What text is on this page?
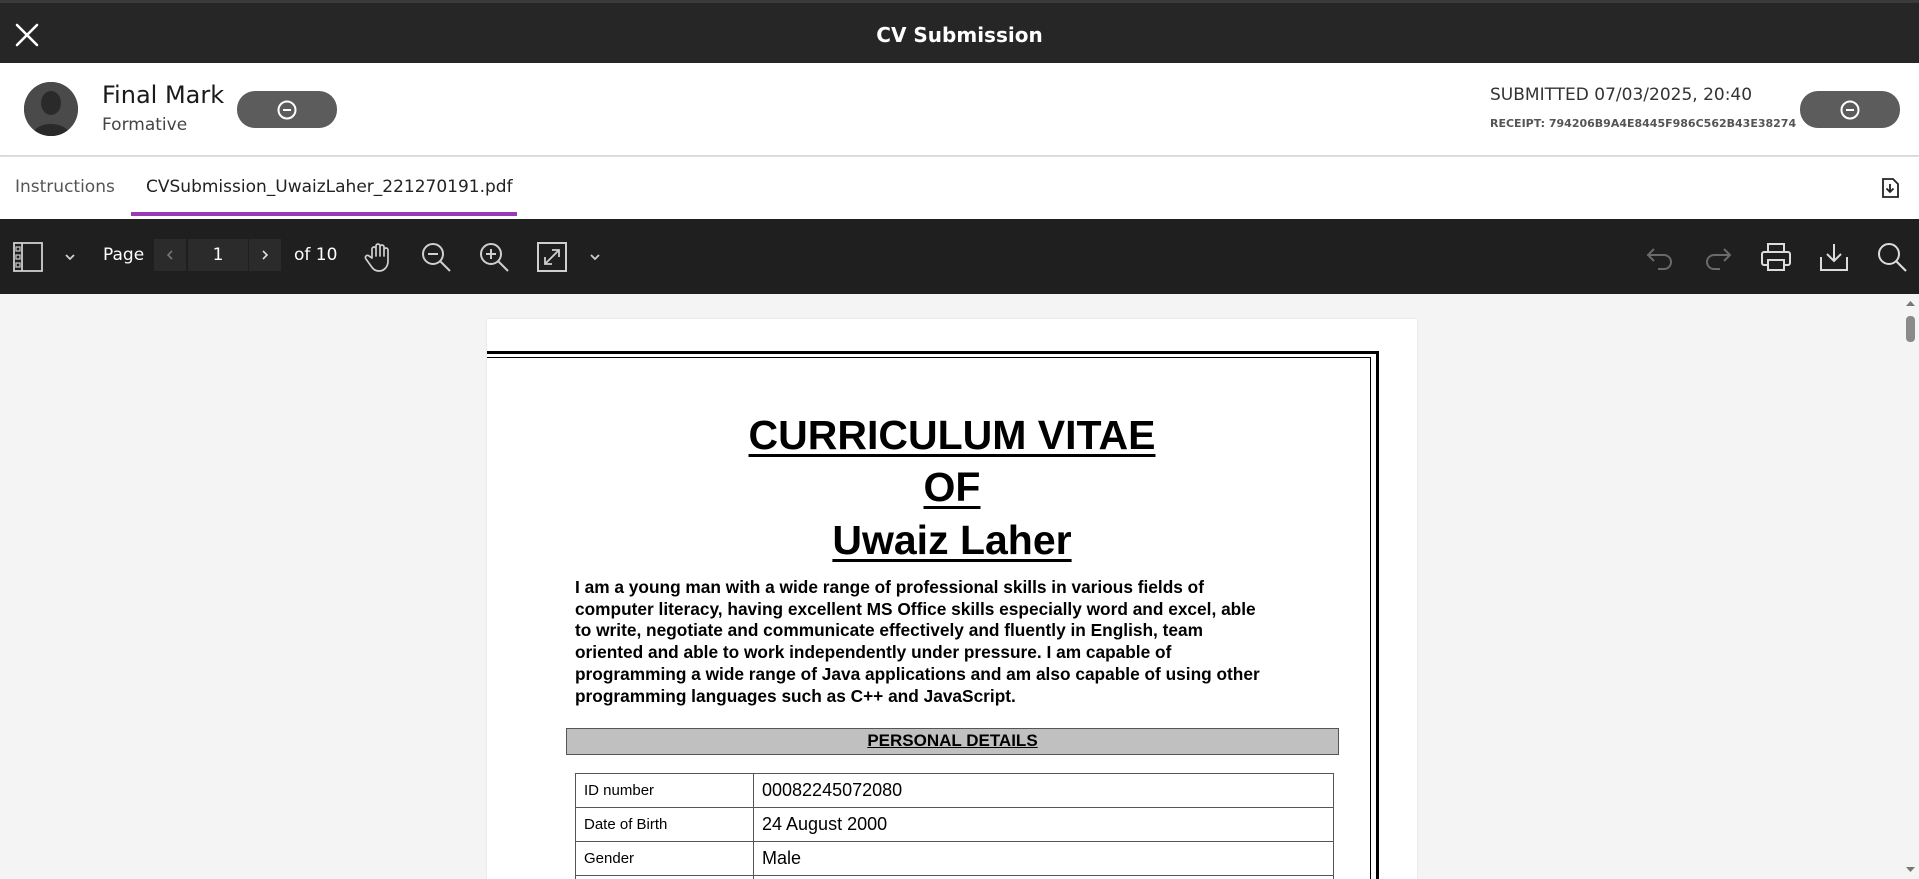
CV Submission
Final Mark
Formative
SUBMITTED 07/03/2025, 20:40
RECEIPT: 794206B9A4E8445F986C562B43E38274
Instructions CVSubmission_UwaizLaher_221270191.pdf
Page	1	of 10
CURRICULUM VITAE
OF
Uwaiz Laher
I am a young man with a wide range of professional skills in various fields of
computer literacy, having excellent MS Office skills especially word and excel, able
to write, negotiate and communicate effectively and fluently in English, team
oriented and able to work independently under pressure. I am capable of
programming a wide range of Java applications and am also capable of using other
programming languages such as C++ and JavaScript.
PERSONAL DETAILS
ID number	00082245072080
Date of Birth	24 August 2000
Gender	Male
